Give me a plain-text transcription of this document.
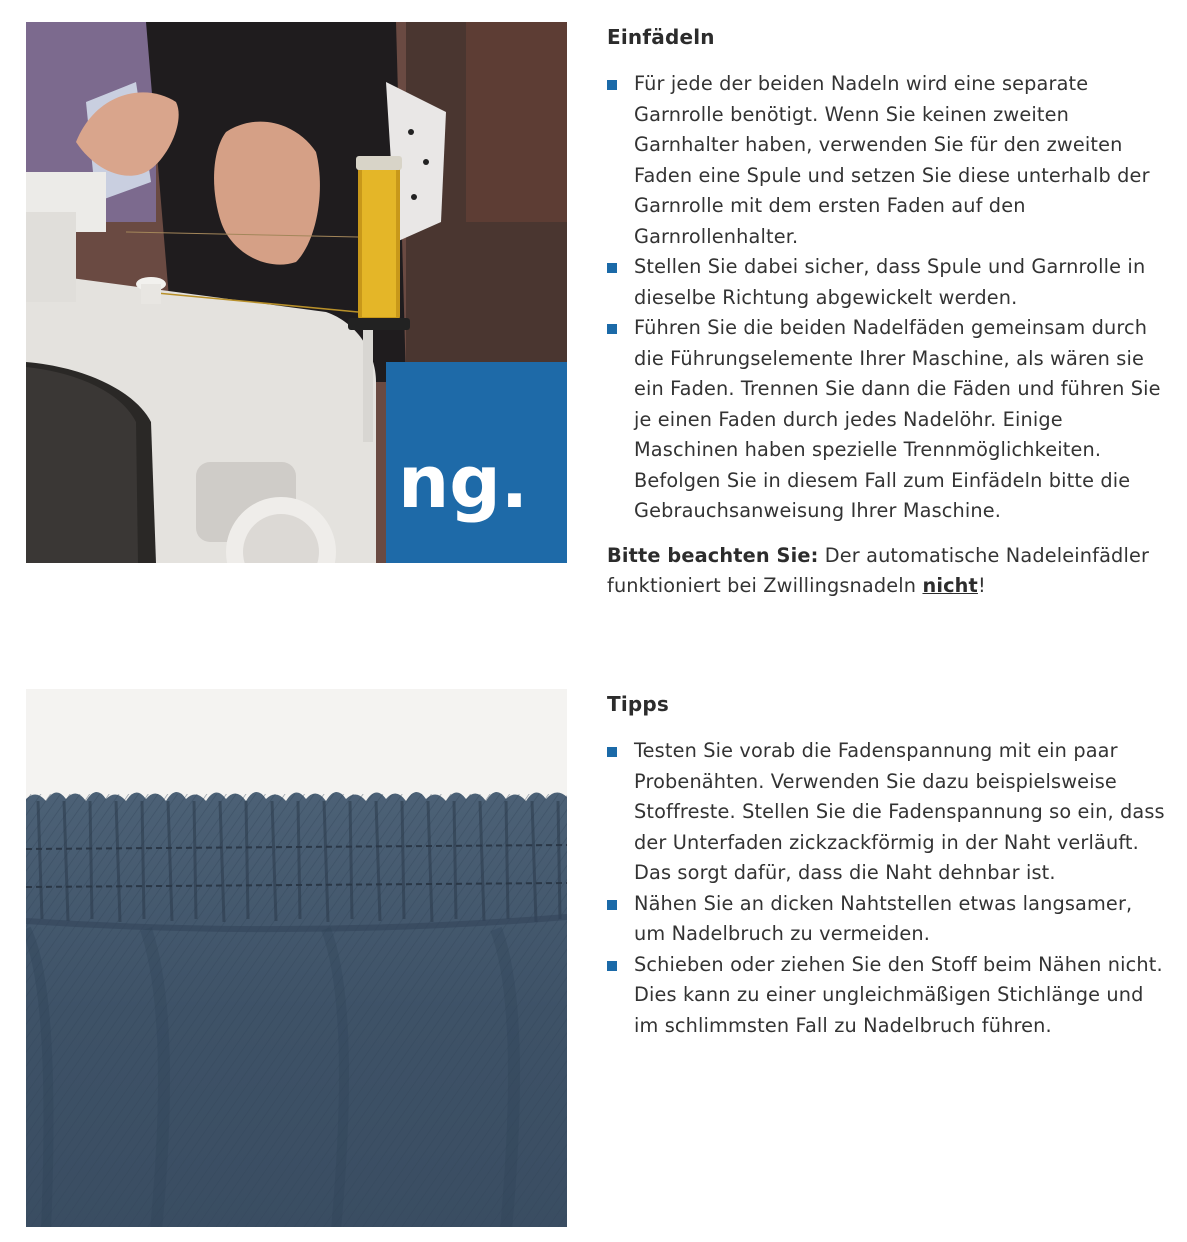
ng.
Einfädeln
Für jede der beiden Nadeln wird eine separate Garnrolle benötigt. Wenn Sie keinen zweiten Garnhalter haben, verwenden Sie für den zweiten Faden eine Spule und setzen Sie diese unterhalb der Garnrolle mit dem ersten Faden auf den Garnrollenhalter.
Stellen Sie dabei sicher, dass Spule und Garnrolle in dieselbe Richtung abgewickelt werden.
Führen Sie die beiden Nadelfäden gemeinsam durch die Führungselemente Ihrer Maschine, als wären sie ein Faden. Trennen Sie dann die Fäden und führen Sie je einen Faden durch jedes Nadelöhr. Einige Maschinen haben spezielle Trennmöglichkeiten. Befolgen Sie in diesem Fall zum Einfädeln bitte die Gebrauchsanweisung Ihrer Maschine.

Bitte beachten Sie: Der automatische Nadeleinfädler funktioniert bei Zwillingsnadeln nicht!

Tipps
Testen Sie vorab die Fadenspannung mit ein paar Probenähten. Verwenden Sie dazu beispielsweise Stoffreste. Stellen Sie die Fadenspannung so ein, dass der Unterfaden zickzackförmig in der Naht verläuft. Das sorgt dafür, dass die Naht dehnbar ist.
Nähen Sie an dicken Nahtstellen etwas langsamer, um Nadelbruch zu vermeiden.
Schieben oder ziehen Sie den Stoff beim Nähen nicht. Dies kann zu einer ungleichmäßigen Stichlänge und im schlimmsten Fall zu Nadelbruch führen.
